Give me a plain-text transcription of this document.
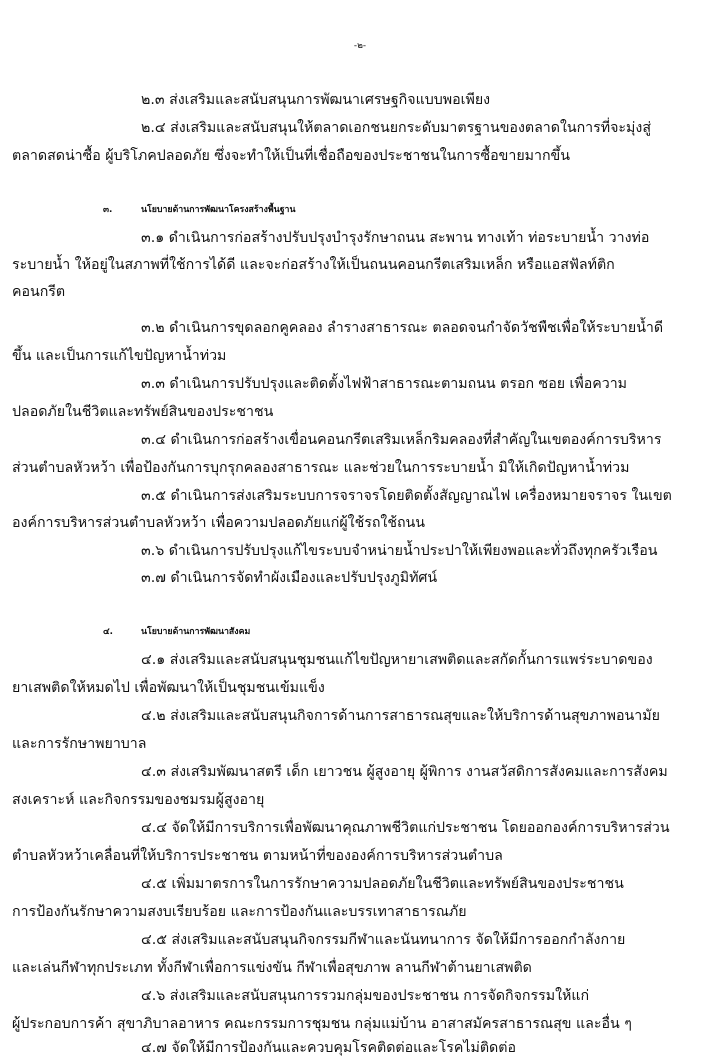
-๒-
๒.๓ ส่งเสริมและสนับสนุนการพัฒนาเศรษฐกิจแบบพอเพียง
๒.๔ ส่งเสริมและสนับสนุนให้ตลาดเอกชนยกระดับมาตรฐานของตลาดในการที่จะมุ่งสู่
ตลาดสดน่าซื้อ ผู้บริโภคปลอดภัย ซึ่งจะทำให้เป็นที่เชื่อถือของประชาชนในการซื้อขายมากขึ้น
๓.	นโยบายด้านการพัฒนาโครงสร้างพื้นฐาน
๓.๑ ดำเนินการก่อสร้างปรับปรุงบำรุงรักษาถนน สะพาน ทางเท้า ท่อระบายน้ำ วางท่อ
ระบายน้ำ ให้อยู่ในสภาพที่ใช้การได้ดี และจะก่อสร้างให้เป็นถนนคอนกรีตเสริมเหล็ก หรือแอสฟัลท์ติก
คอนกรีต
๓.๒ ดำเนินการขุดลอกคูคลอง ลำรางสาธารณะ ตลอดจนกำจัดวัชพืชเพื่อให้ระบายน้ำดี
ขึ้น และเป็นการแก้ไขปัญหาน้ำท่วม
๓.๓ ดำเนินการปรับปรุงและติดตั้งไฟฟ้าสาธารณะตามถนน ตรอก ซอย เพื่อความ
ปลอดภัยในชีวิตและทรัพย์สินของประชาชน
๓.๔ ดำเนินการก่อสร้างเขื่อนคอนกรีตเสริมเหล็กริมคลองที่สำคัญในเขตองค์การบริหาร
ส่วนตำบลหัวหว้า เพื่อป้องกันการบุกรุกคลองสาธารณะ และช่วยในการระบายน้ำ มิให้เกิดปัญหาน้ำท่วม
๓.๕ ดำเนินการส่งเสริมระบบการจราจรโดยติดตั้งสัญญาณไฟ เครื่องหมายจราจร ในเขต
องค์การบริหารส่วนตำบลหัวหว้า เพื่อความปลอดภัยแก่ผู้ใช้รถใช้ถนน
๓.๖ ดำเนินการปรับปรุงแก้ไขระบบจำหน่ายน้ำประปาให้เพียงพอและทั่วถึงทุกครัวเรือน
๓.๗ ดำเนินการจัดทำผังเมืองและปรับปรุงภูมิทัศน์
๔.	นโยบายด้านการพัฒนาสังคม
๔.๑ ส่งเสริมและสนับสนุนชุมชนแก้ไขปัญหายาเสพติดและสกัดกั้นการแพร่ระบาดของ
ยาเสพติดให้หมดไป เพื่อพัฒนาให้เป็นชุมชนเข้มแข็ง
๔.๒ ส่งเสริมและสนับสนุนกิจการด้านการสาธารณสุขและให้บริการด้านสุขภาพอนามัย
และการรักษาพยาบาล
๔.๓ ส่งเสริมพัฒนาสตรี เด็ก เยาวชน ผู้สูงอายุ ผู้พิการ งานสวัสดิการสังคมและการสังคม
สงเคราะห์ และกิจกรรมของชมรมผู้สูงอายุ
๔.๔ จัดให้มีการบริการเพื่อพัฒนาคุณภาพชีวิตแก่ประชาชน โดยออกองค์การบริหารส่วน
ตำบลหัวหว้าเคลื่อนที่ให้บริการประชาชน ตามหน้าที่ขององค์การบริหารส่วนตำบล
๔.๕ เพิ่มมาตรการในการรักษาความปลอดภัยในชีวิตและทรัพย์สินของประชาชน
การป้องกันรักษาความสงบเรียบร้อย และการป้องกันและบรรเทาสาธารณภัย
๔.๕ ส่งเสริมและสนับสนุนกิจกรรมกีฬาและนันทนาการ จัดให้มีการออกกำลังกาย
และเล่นกีฬาทุกประเภท ทั้งกีฬาเพื่อการแข่งขัน กีฬาเพื่อสุขภาพ ลานกีฬาต้านยาเสพติด
๔.๖ ส่งเสริมและสนับสนุนการรวมกลุ่มของประชาชน การจัดกิจกรรมให้แก่
ผู้ประกอบการค้า สุขาภิบาลอาหาร คณะกรรมการชุมชน กลุ่มแม่บ้าน อาสาสมัครสาธารณสุข และอื่น ๆ
๔.๗ จัดให้มีการป้องกันและควบคุมโรคติดต่อและโรคไม่ติดต่อ
